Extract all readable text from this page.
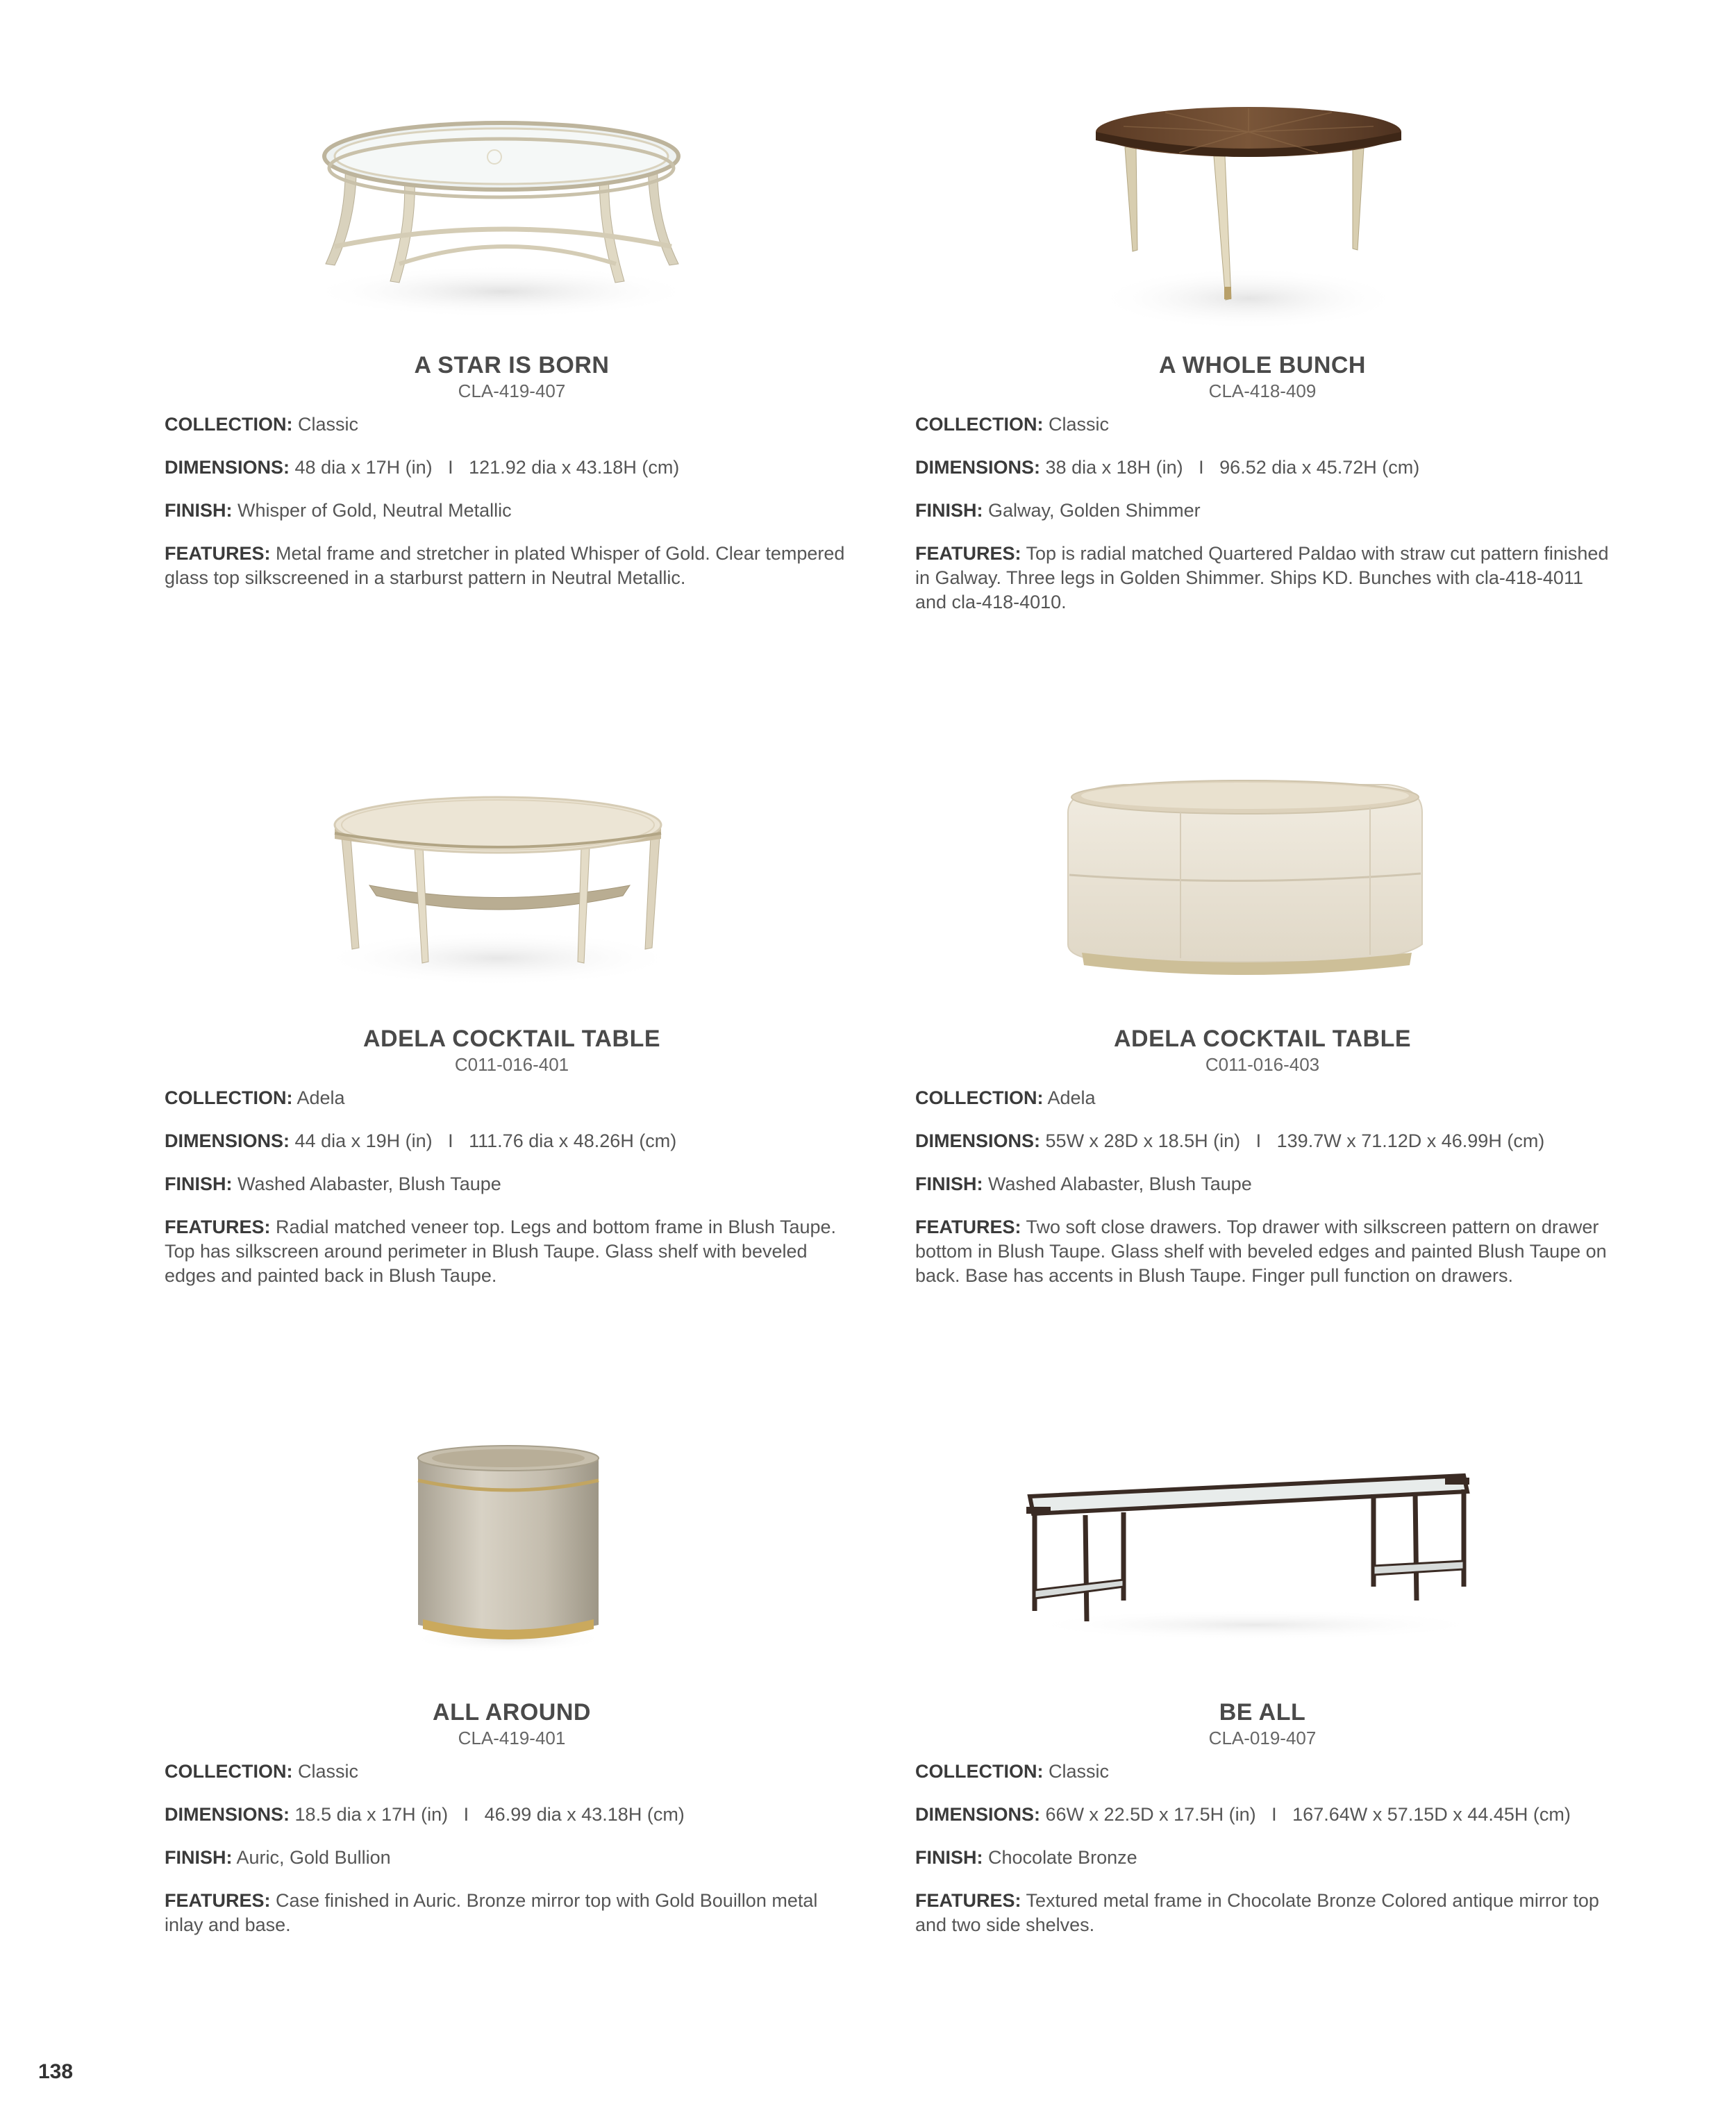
A STAR IS BORN
CLA-419-407
COLLECTION: Classic
DIMENSIONS: 48 dia x 17H (in)   I   121.92 dia x 43.18H (cm)
FINISH: Whisper of Gold, Neutral Metallic
FEATURES: Metal frame and stretcher in plated Whisper of Gold. Clear tempered glass top silkscreened in a starburst pattern in Neutral Metallic.
A WHOLE BUNCH
CLA-418-409
COLLECTION: Classic
DIMENSIONS: 38 dia x 18H (in)   I   96.52 dia x 45.72H (cm)
FINISH: Galway, Golden Shimmer
FEATURES: Top is radial matched Quartered Paldao with straw cut pattern finished in Galway. Three legs in Golden Shimmer. Ships KD. Bunches with cla-418-4011 and cla-418-4010.
ADELA COCKTAIL TABLE
C011-016-401
COLLECTION: Adela
DIMENSIONS: 44 dia x 19H (in)   I   111.76 dia x 48.26H (cm)
FINISH: Washed Alabaster, Blush Taupe
FEATURES: Radial matched veneer top. Legs and bottom frame in Blush Taupe. Top has silkscreen around perimeter in Blush Taupe. Glass shelf with beveled edges and painted back in Blush Taupe.
ADELA COCKTAIL TABLE
C011-016-403
COLLECTION: Adela
DIMENSIONS: 55W x 28D x 18.5H (in)   I   139.7W x 71.12D x 46.99H (cm)
FINISH: Washed Alabaster, Blush Taupe
FEATURES: Two soft close drawers. Top drawer with silkscreen pattern on drawer bottom in Blush Taupe. Glass shelf with beveled edges and painted Blush Taupe on back. Base has accents in Blush Taupe. Finger pull function on drawers.
ALL AROUND
CLA-419-401
COLLECTION: Classic
DIMENSIONS: 18.5 dia x 17H (in)   I   46.99 dia x 43.18H (cm)
FINISH: Auric, Gold Bullion
FEATURES: Case finished in Auric. Bronze mirror top with Gold Bouillon metal inlay and base.
BE ALL
CLA-019-407
COLLECTION: Classic
DIMENSIONS: 66W x 22.5D x 17.5H (in)   I   167.64W x 57.15D x 44.45H (cm)
FINISH: Chocolate Bronze
FEATURES: Textured metal frame in Chocolate Bronze Colored antique mirror top and two side shelves.
138
